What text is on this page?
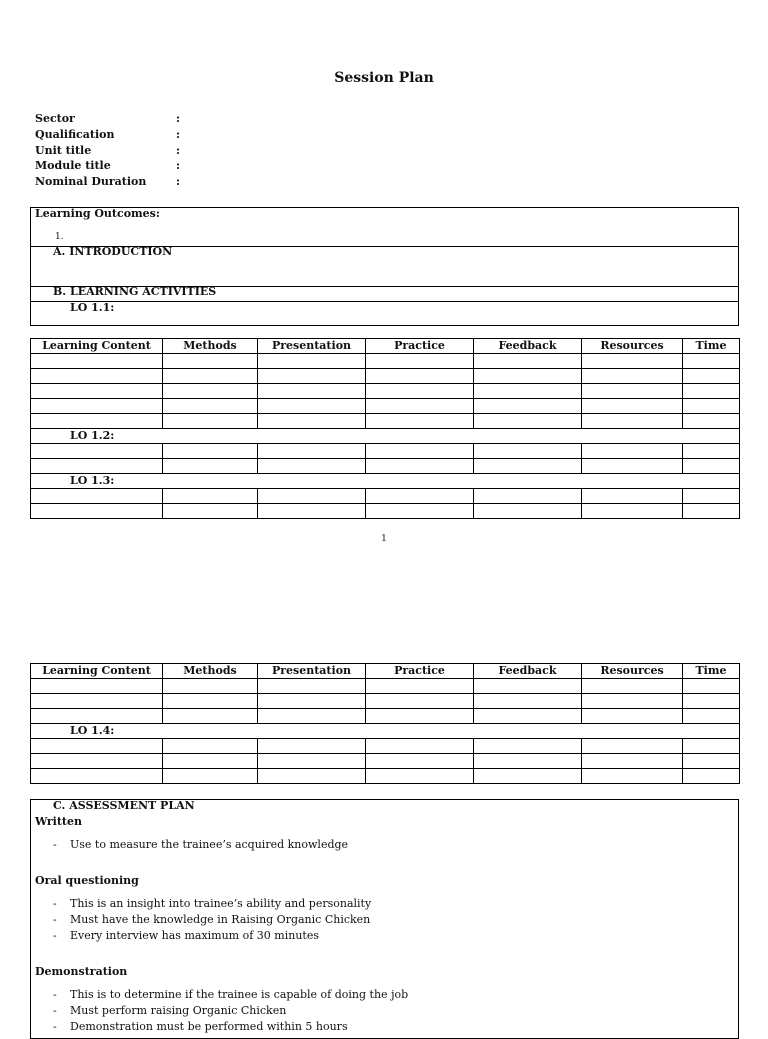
Session Plan
Sector	:
Qualification	:
Unit title	:
Module title	:
Nominal Duration	:
Learning Outcomes:
1.
A. INTRODUCTION
B. LEARNING ACTIVITIES
LO 1.1:
Learning Content	Methods	Presentation	Practice	Feedback	Resources	Time

LO 1.2:						

LO 1.3:						

1
Learning Content	Methods	Presentation	Practice	Feedback	Resources	Time

LO 1.4:						

C. ASSESSMENT PLAN
Written
- Use to measure the trainee’s acquired knowledge
Oral questioning
- This is an insight into trainee’s ability and personality
- Must have the knowledge in Raising Organic Chicken
- Every interview has maximum of 30 minutes
Demonstration
- This is to determine if the trainee is capable of doing the job
- Must perform raising Organic Chicken
- Demonstration must be performed within 5 hours
